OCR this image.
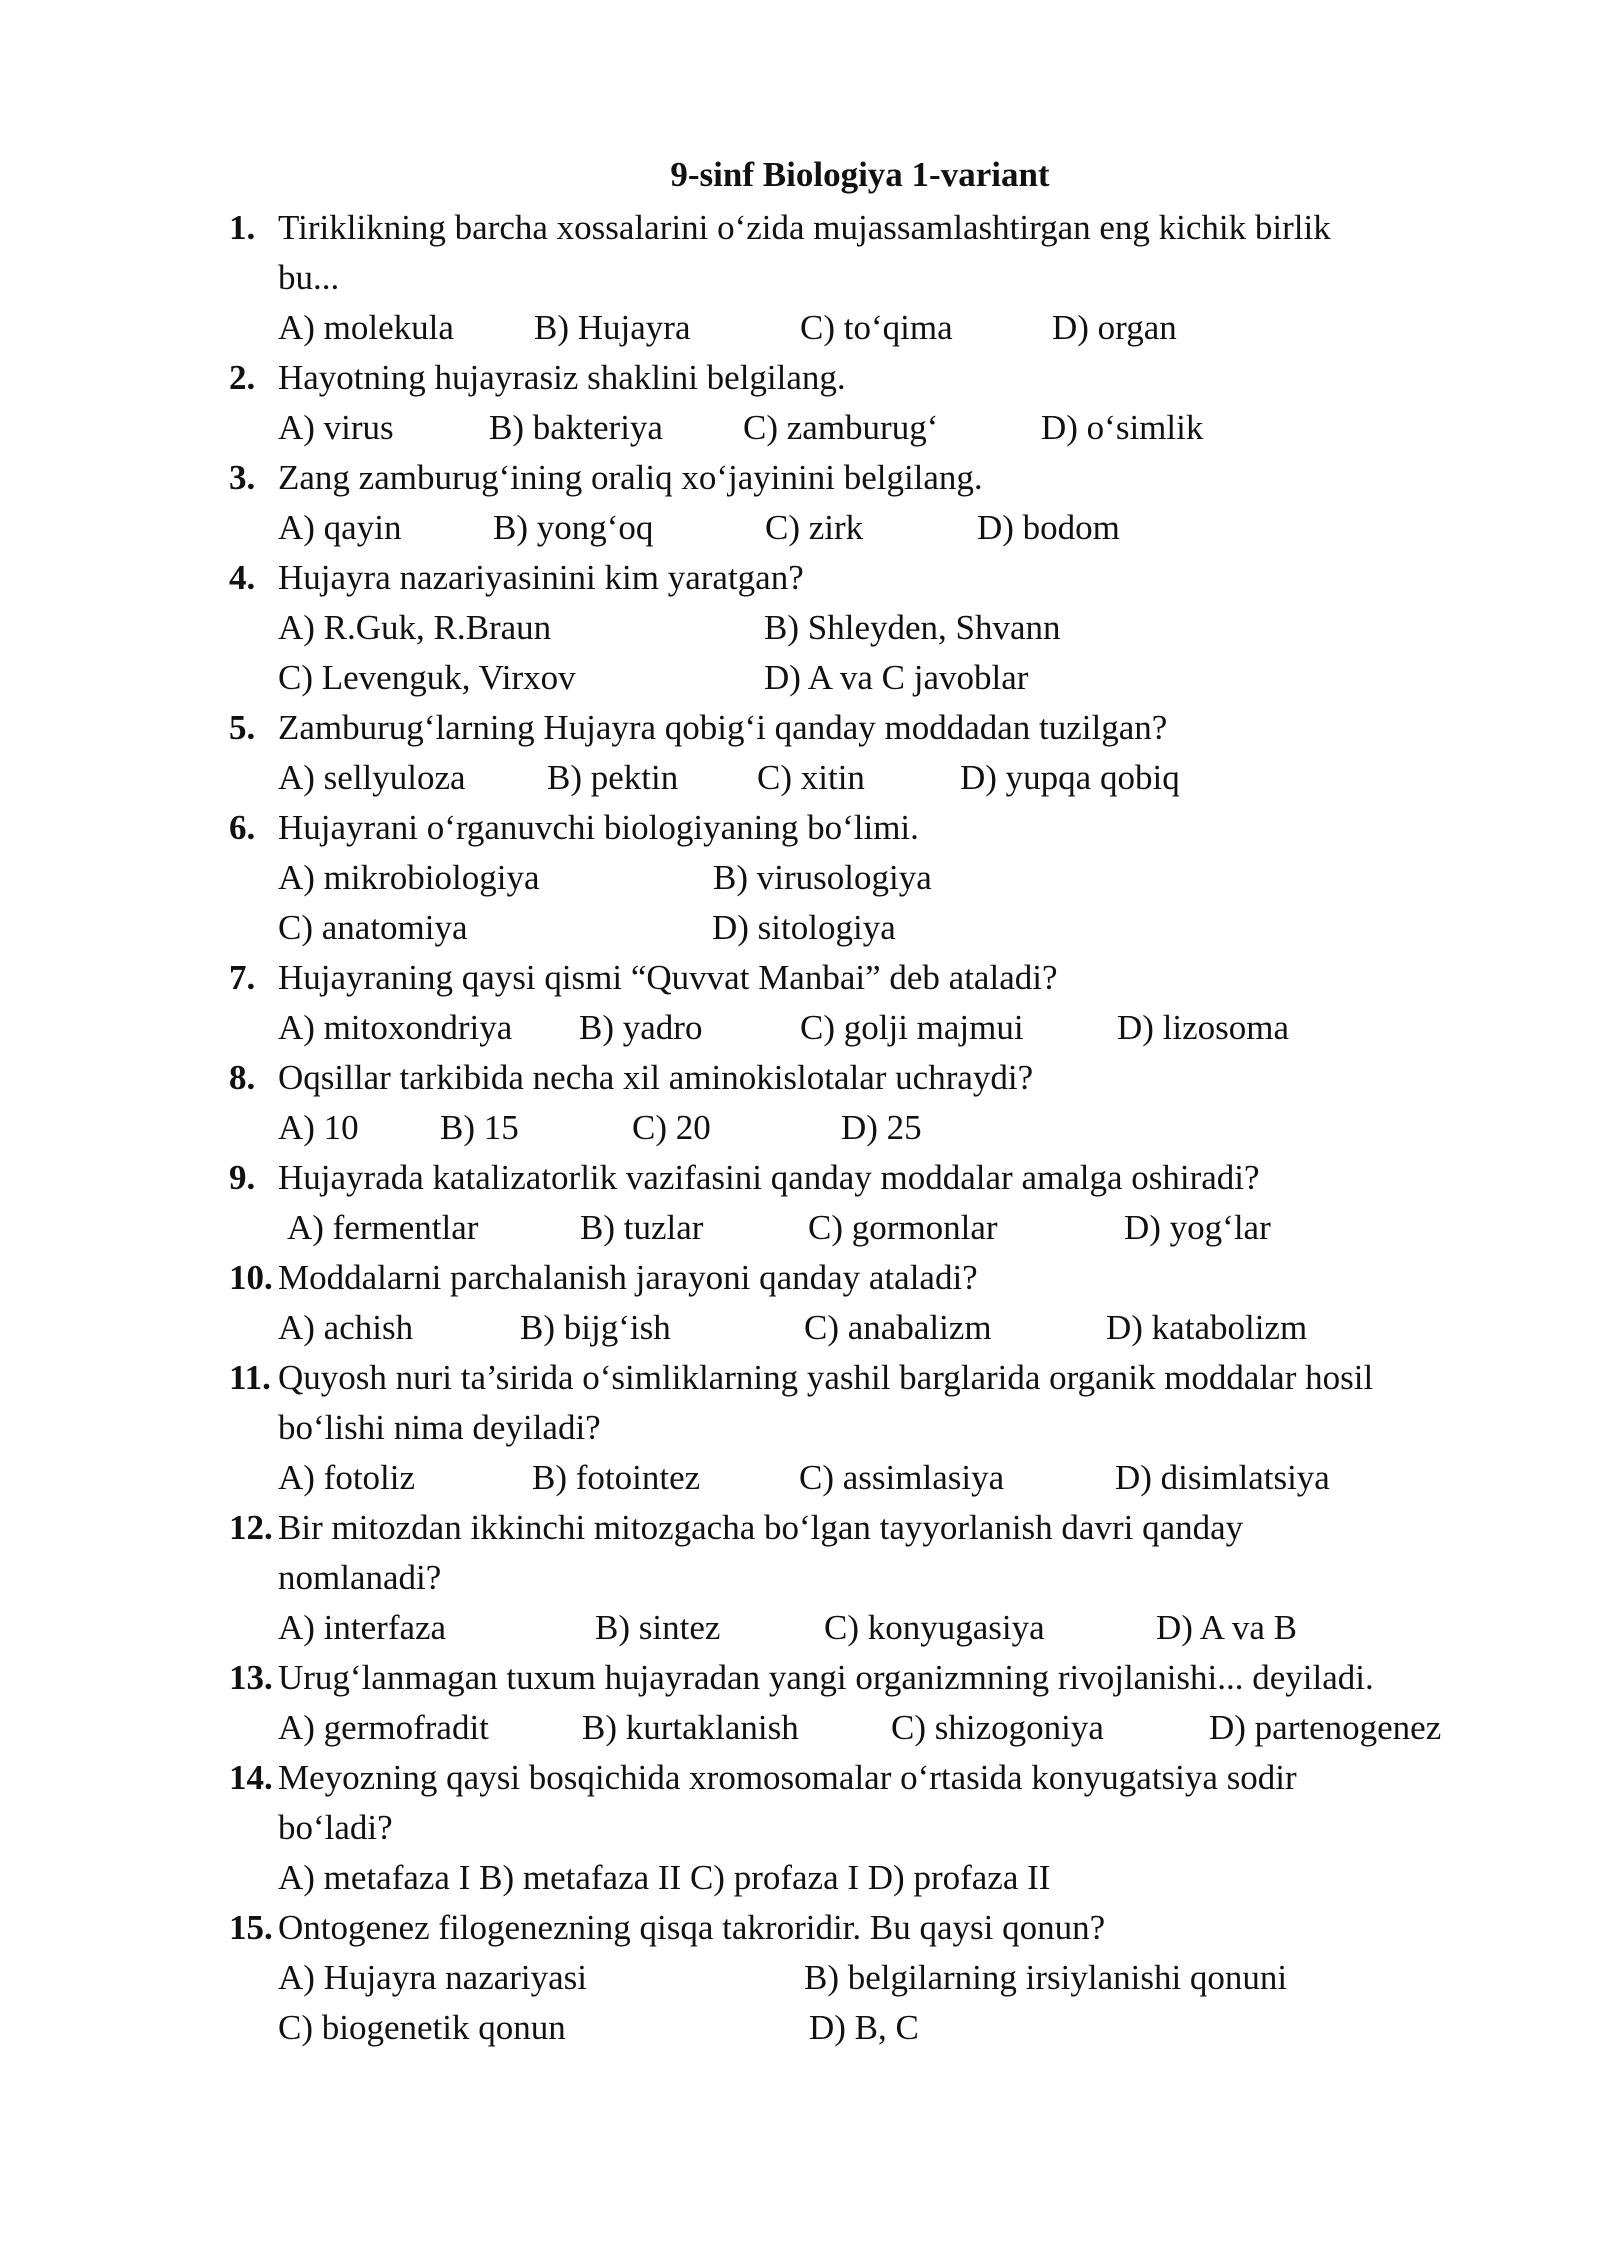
9-sinf Biologiya 1-variant
1. Tiriklikning barcha xossalarini o‘zida mujassamlashtirgan eng kichik birlik
bu...
A) molekula B) Hujayra	C) to‘qima	D) organ
2. Hayotning hujayrasiz shaklini belgilang.
A) virus	B) bakteriya C) zamburug‘	D) o‘simlik
3. Zang zamburug‘ining oraliq xo‘jayinini belgilang.
A) qayin	B) yong‘oq	C) zirk	D) bodom
4. Hujayra nazariyasinini kim yaratgan?
A) R.Guk, R.Braun	B) Shleyden, Shvann
C) Levenguk, Virxov	D) A va C javoblar
5. Zamburug‘larning Hujayra qobig‘i qanday moddadan tuzilgan?
A) sellyuloza B) pektin C) xitin	D) yupqa qobiq
6. Hujayrani o‘rganuvchi biologiyaning bo‘limi.
A) mikrobiologiya	B) virusologiya
C) anatomiya	D) sitologiya
7. Hujayraning qaysi qismi “Quvvat Manbai” deb ataladi?
A) mitoxondriya B) yadro	C) golji majmui	D) lizosoma
8. Oqsillar tarkibida necha xil aminokislotalar uchraydi?
A) 10 B) 15	C) 20	D) 25
9. Hujayrada katalizatorlik vazifasini qanday moddalar amalga oshiradi?
A) fermentlar	B) tuzlar	C) gormonlar	D) yog‘lar
10. Moddalarni parchalanish jarayoni qanday ataladi?
A) achish	B) bijg‘ish	C) anabalizm	D) katabolizm
11. Quyosh nuri ta’sirida o‘simliklarning yashil barglarida organik moddalar hosil
bo‘lishi nima deyiladi?
A) fotoliz	B) fotointez	C) assimlasiya	D) disimlatsiya
12. Bir mitozdan ikkinchi mitozgacha bo‘lgan tayyorlanish davri qanday
nomlanadi?
A) interfaza	B) sintez	C) konyugasiya	D) A va B
13. Urug‘lanmagan tuxum hujayradan yangi organizmning rivojlanishi... deyiladi.
A) germofradit	B) kurtaklanish	C) shizogoniya	D) partenogenez
14. Meyozning qaysi bosqichida xromosomalar o‘rtasida konyugatsiya sodir
bo‘ladi?
A) metafaza I B) metafaza II C) profaza I D) profaza II
15. Ontogenez filogenezning qisqa takroridir. Bu qaysi qonun?
A) Hujayra nazariyasi	B) belgilarning irsiylanishi qonuni
C) biogenetik qonun	D) B, C
